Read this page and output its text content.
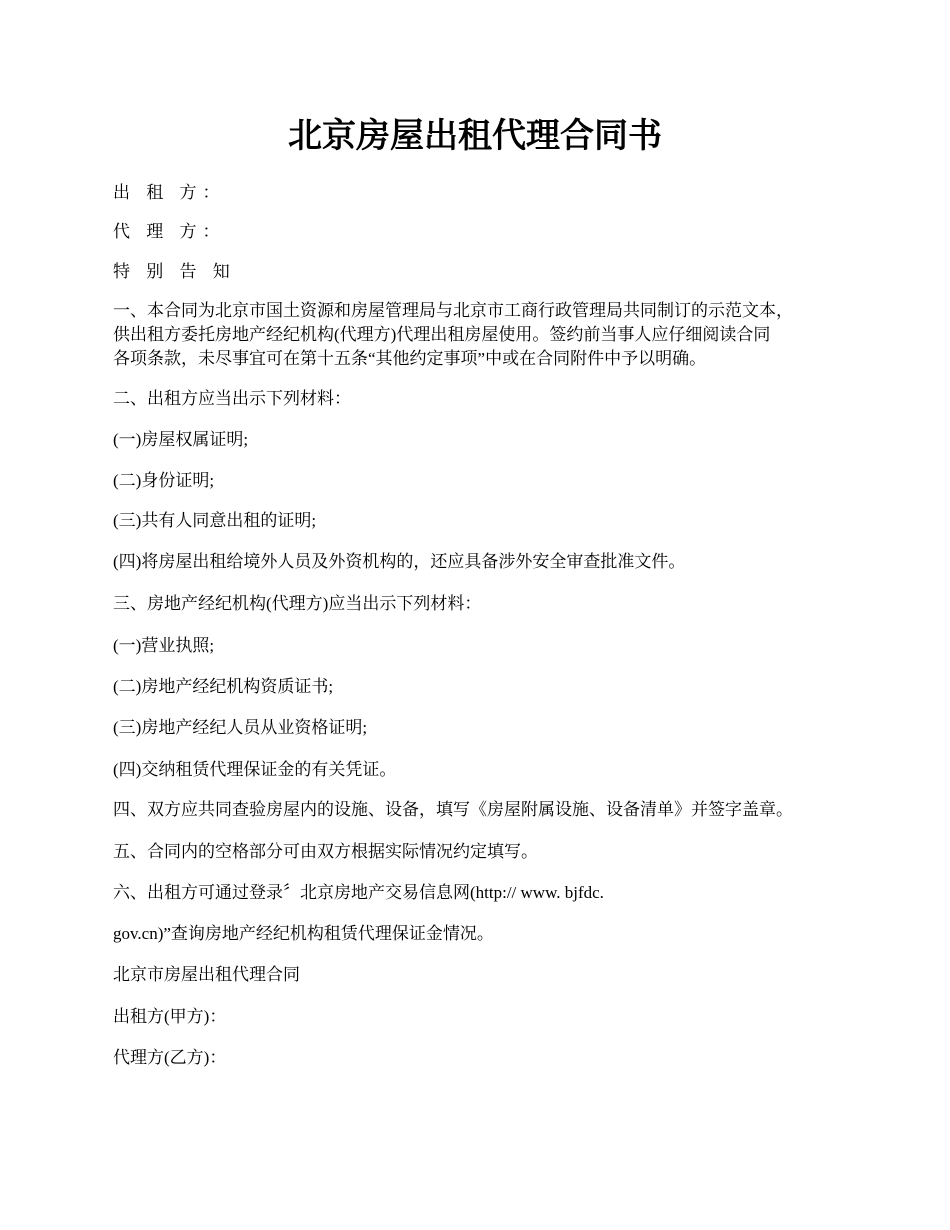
北京房屋出租代理合同书

出 租 方：

代 理 方：

特 别 告 知

一、本合同为北京市国土资源和房屋管理局与北京市工商行政管理局共同制订的示范文本，
供出租方委托房地产经纪机构(代理方)代理出租房屋使用。签约前当事人应仔细阅读合同
各项条款，未尽事宜可在第十五条“其他约定事项”中或在合同附件中予以明确。

二、出租方应当出示下列材料：

(一)房屋权属证明;

(二)身份证明;

(三)共有人同意出租的证明;

(四)将房屋出租给境外人员及外资机构的，还应具备涉外安全审查批准文件。

三、房地产经纪机构(代理方)应当出示下列材料：

(一)营业执照;

(二)房地产经纪机构资质证书;

(三)房地产经纪人员从业资格证明;

(四)交纳租赁代理保证金的有关凭证。

四、双方应共同查验房屋内的设施、设备，填写《房屋附属设施、设备清单》并签字盖章。

五、合同内的空格部分可由双方根据实际情况约定填写。

六、出租方可通过登录〞北京房地产交易信息网(http:// www. bjfdc.

gov.cn)”查询房地产经纪机构租赁代理保证金情况。

北京市房屋出租代理合同

出租方(甲方)：

代理方(乙方)：
